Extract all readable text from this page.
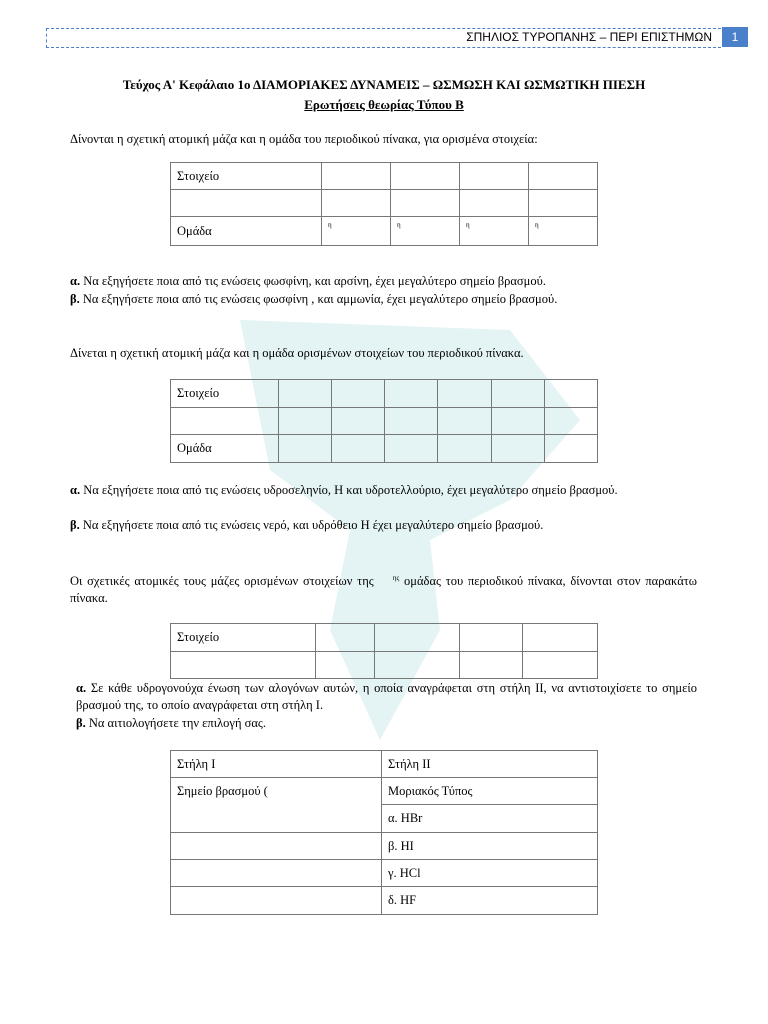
ΣΠΗΛΙΟΣ ΤΥΡΟΠΑΝΗΣ – ΠΕΡΙ ΕΠΙΣΤΗΜΩΝ	1
Τεύχος Α' Κεφάλαιο 1ο ΔΙΑΜΟΡΙΑΚΕΣ ΔΥΝΑΜΕΙΣ – ΩΣΜΩΣΗ ΚΑΙ ΩΣΜΩΤΙΚΗ ΠΙΕΣΗ
Ερωτήσεις θεωρίας Τύπου Β
Δίνονται η σχετική ατομική μάζα και η ομάδα του περιοδικού πίνακα, για ορισμένα στοιχεία:
Στοιχείο				

Ομάδα	η	η	η	η
α. Να εξηγήσετε ποια από τις ενώσεις φωσφίνη, και αρσίνη, έχει μεγαλύτερο σημείο βρασμού.
β. Να εξηγήσετε ποια από τις ενώσεις φωσφίνη , και αμμωνία, έχει μεγαλύτερο σημείο βρασμού.
Δίνεται η σχετική ατομική μάζα και η ομάδα ορισμένων στοιχείων του περιοδικού πίνακα.
Στοιχείο						

Ομάδα						
α. Να εξηγήσετε ποια από τις ενώσεις υδροσεληνίο, Η και υδροτελλούριο, έχει μεγαλύτερο σημείο βρασμού.
β. Να εξηγήσετε ποια από τις ενώσεις νερό, και υδρόθειο Η έχει μεγαλύτερο σημείο βρασμού.
Οι σχετικές ατομικές τους μάζες ορισμένων στοιχείων της	$^{\eta\varsigma}$ ομάδας του περιοδικού πίνακα, δίνονται στον παρακάτω πίνακα.
Στοιχείο				

α. Σε κάθε υδρογονούχα ένωση των αλογόνων αυτών, η οποία αναγράφεται στη στήλη ΙΙ, να αντιστοιχίσετε το σημείο βρασμού της, το οποίο αναγράφεται στη στήλη Ι.
β. Να αιτιολογήσετε την επιλογή σας.
Στήλη Ι	Στήλη ΙΙ
Σημείο βρασμού (	Μοριακός Τύπος
	α. HBr
	β. HI
	γ. HCl
	δ. HF
